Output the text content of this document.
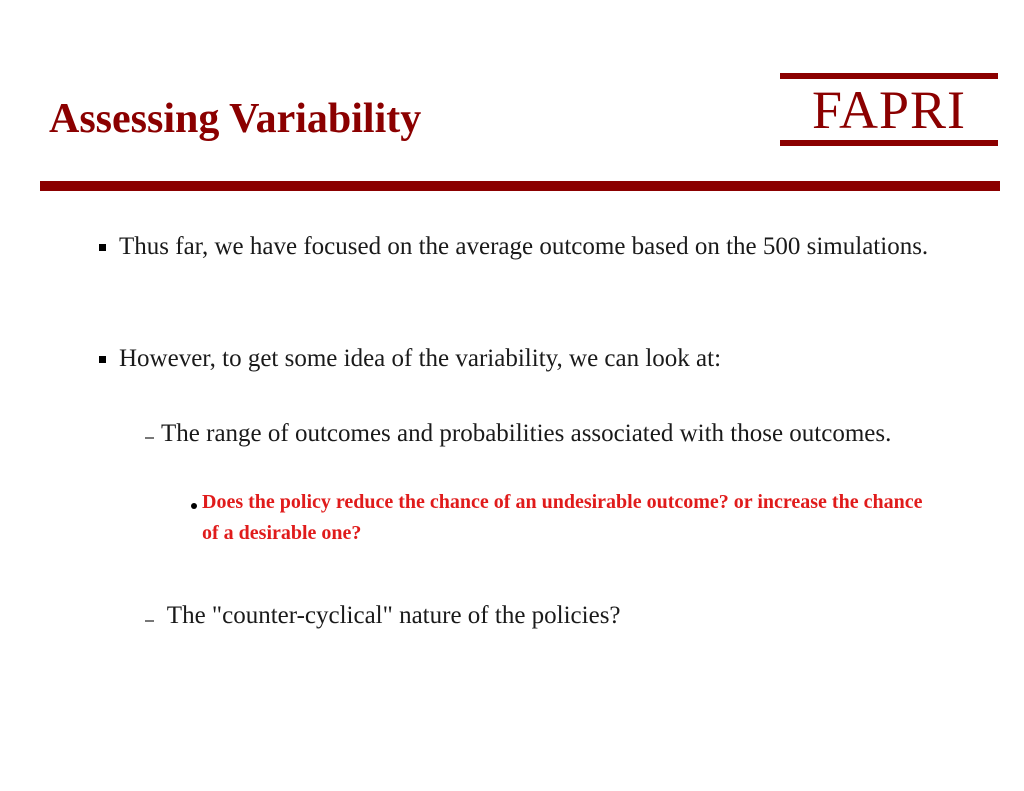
Assessing Variability	FAPRI
Thus far, we have focused on the average outcome based on the 500 simulations.
However, to get some idea of the variability, we can look at:
The range of outcomes and probabilities associated with those outcomes.
Does the policy reduce the chance of an undesirable outcome? or increase the chance of a desirable one?
The "counter-cyclical" nature of the policies?
